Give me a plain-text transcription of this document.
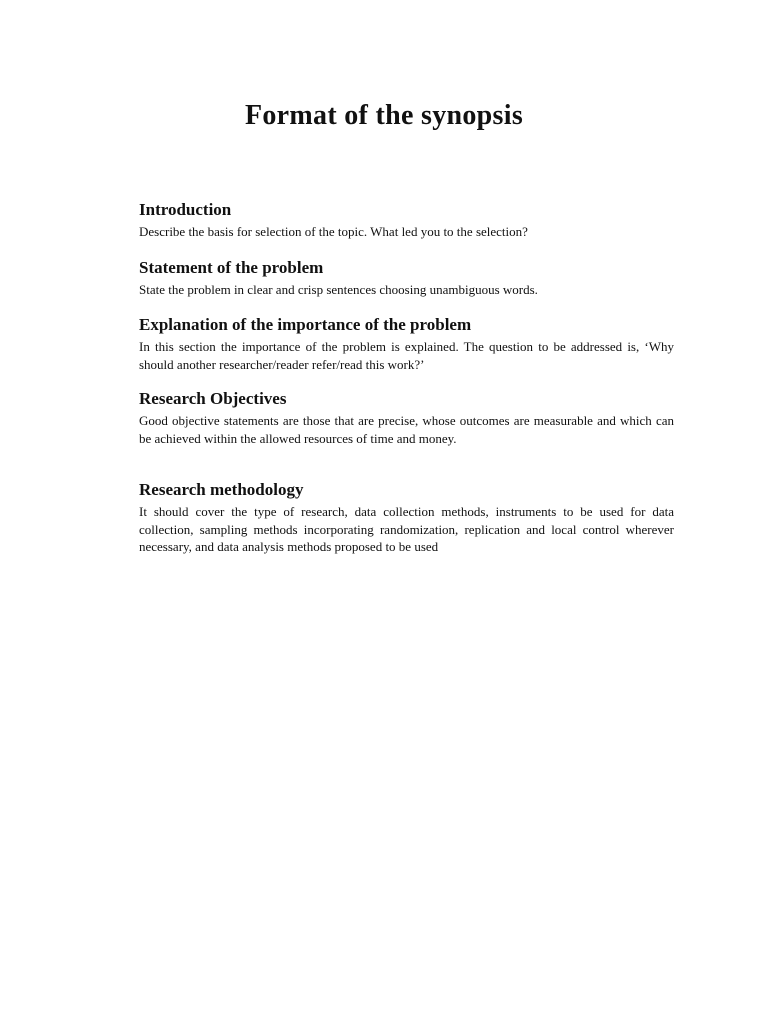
Format of the synopsis
Introduction

Describe the basis for selection of the topic. What led you to the selection?

Statement of the problem

State the problem in clear and crisp sentences choosing unambiguous words.

Explanation of the importance of the problem

In this section the importance of the problem is explained. The question to be addressed is, ‘Why should another researcher/reader refer/read this work?’

Research Objectives

Good objective statements are those that are precise, whose outcomes are measurable and which can be achieved within the allowed resources of time and money.

Research methodology

It should cover the type of research, data collection methods, instruments to be used for data collection, sampling methods incorporating randomization, replication and local control wherever necessary, and data analysis methods proposed to be used
